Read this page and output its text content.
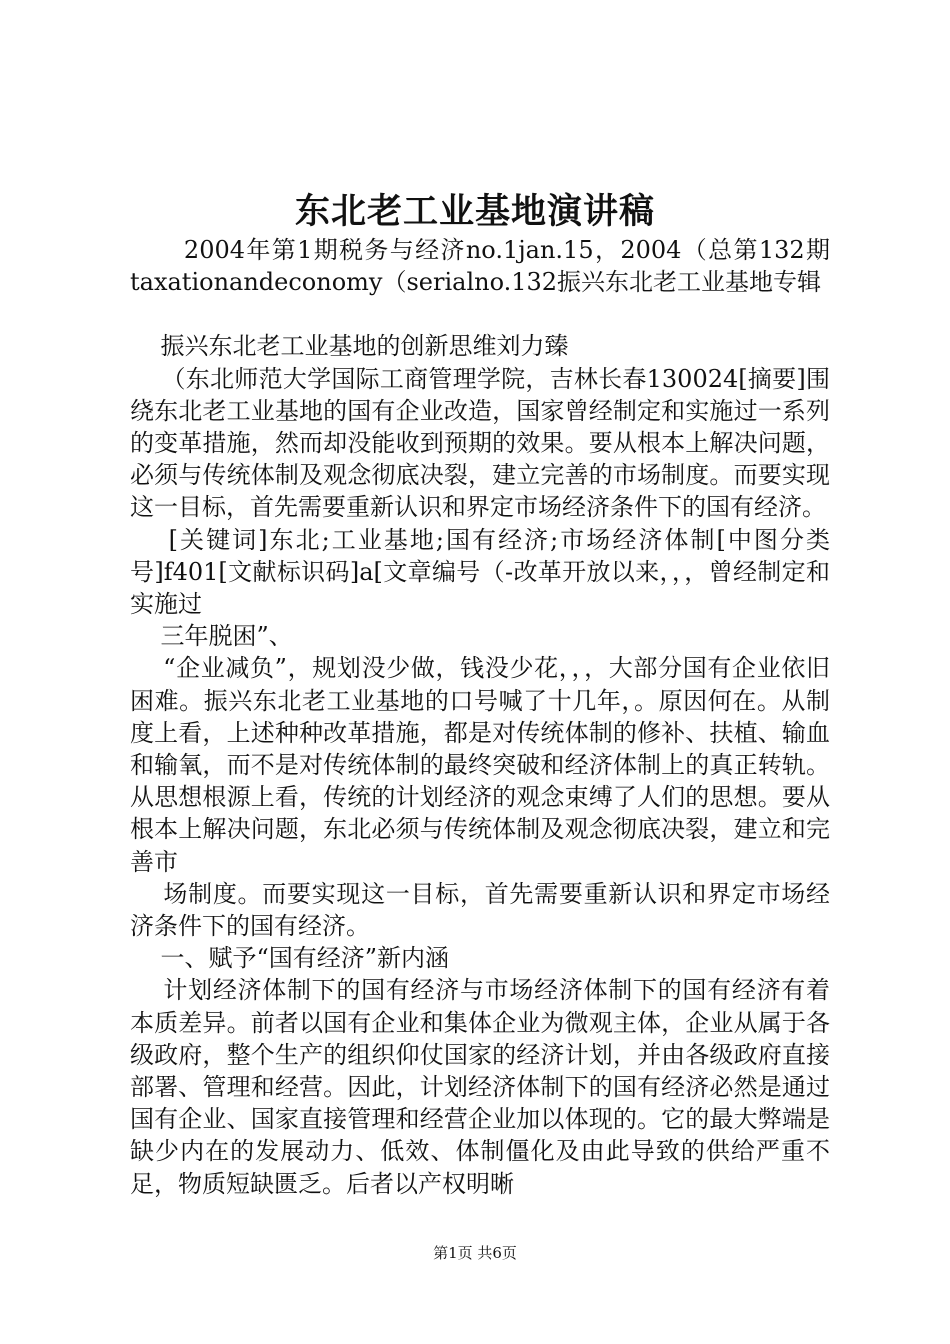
东北老工业基地演讲稿

2004年第1期税务与经济no.1jan.15，2004（总第132期taxationandeconomy（serialno.132振兴东北老工业基地专辑

振兴东北老工业基地的创新思维刘力臻

（东北师范大学国际工商管理学院，吉林长春130024[摘要]围绕东北老工业基地的国有企业改造，国家曾经制定和实施过一系列的变革措施，然而却没能收到预期的效果。要从根本上解决问题，必须与传统体制及观念彻底决裂，建立完善的市场制度。而要实现这一目标，首先需要重新认识和界定市场经济条件下的国有经济。

[关键词]东北;工业基地;国有经济;市场经济体制[中图分类号]f401[文献标识码]a[文章编号（-改革开放以来，，，曾经制定和实施过

三年脱困”、

“企业减负”，规划没少做，钱没少花，，，大部分国有企业依旧困难。振兴东北老工业基地的口号喊了十几年，。原因何在。从制度上看，上述种种改革措施，都是对传统体制的修补、扶植、输血和输氧，而不是对传统体制的最终突破和经济体制上的真正转轨。从思想根源上看，传统的计划经济的观念束缚了人们的思想。要从根本上解决问题，东北必须与传统体制及观念彻底决裂，建立和完善市

场制度。而要实现这一目标，首先需要重新认识和界定市场经济条件下的国有经济。

一、赋予“国有经济”新内涵

计划经济体制下的国有经济与市场经济体制下的国有经济有着本质差异。前者以国有企业和集体企业为微观主体，企业从属于各级政府，整个生产的组织仰仗国家的经济计划，并由各级政府直接部署、管理和经营。因此，计划经济体制下的国有经济必然是通过国有企业、国家直接管理和经营企业加以体现的。它的最大弊端是缺少内在的发展动力、低效、体制僵化及由此导致的供给严重不足，物质短缺匮乏。后者以产权明晰

第1页 共6页
